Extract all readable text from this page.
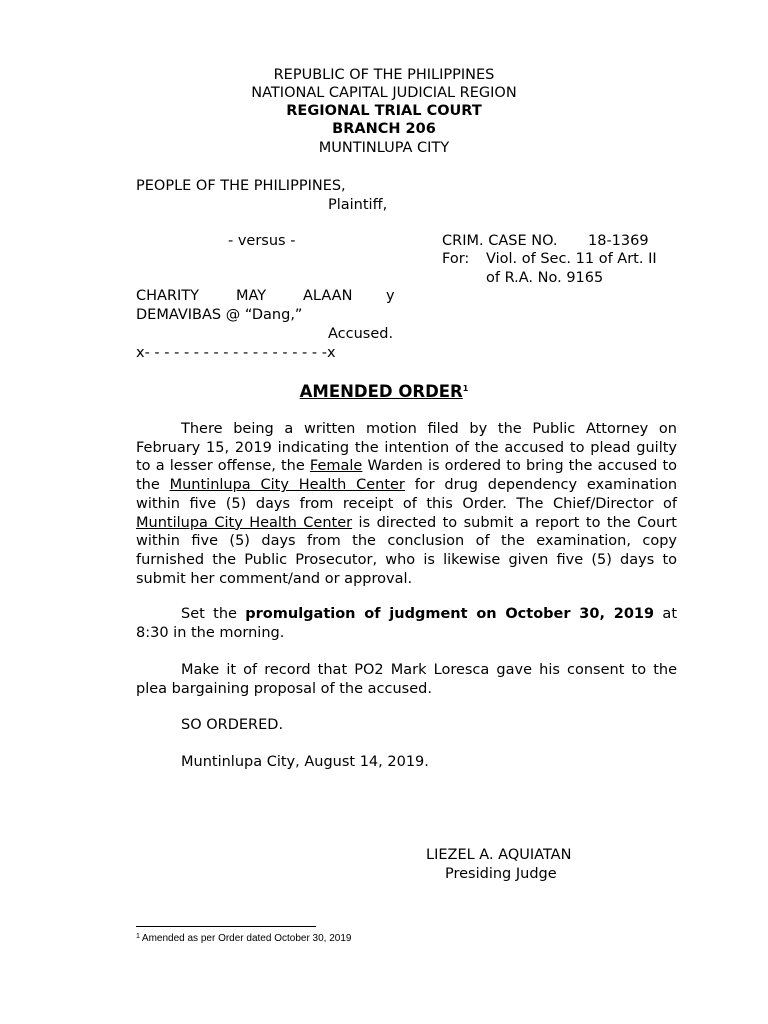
REPUBLIC OF THE PHILIPPINES
NATIONAL CAPITAL JUDICIAL REGION
REGIONAL TRIAL COURT
BRANCH 206
MUNTINLUPA CITY
PEOPLE OF THE PHILIPPINES,
Plaintiff,
- versus -	CRIM. CASE NO. 18-1369
For: Viol. of Sec. 11 of Art. II
of R.A. No. 9165
CHARITY	MAY	ALAAN y
DEMAVIBAS @ “Dang,”
Accused.
x- - - - - - - - - - - - - - - - - - -x
AMENDED ORDER$^1$
There being a written motion filed by the Public Attorney on February 15, 2019 indicating the intention of the accused to plead guilty to a lesser offense, the Female Warden is ordered to bring the accused to the Muntinlupa City Health Center for drug dependency examination within five (5) days from receipt of this Order. The Chief/Director of Muntilupa City Health Center is directed to submit a report to the Court within five (5) days from the conclusion of the examination, copy furnished the Public Prosecutor, who is likewise given five (5) days to submit her comment/and or approval.
Set the promulgation of judgment on October 30, 2019 at 8:30 in the morning.
Make it of record that PO2 Mark Loresca gave his consent to the plea bargaining proposal of the accused.
SO ORDERED.
Muntinlupa City, August 14, 2019.
LIEZEL A. AQUIATAN
Presiding Judge
$^1$ Amended as per Order dated October 30, 2019
